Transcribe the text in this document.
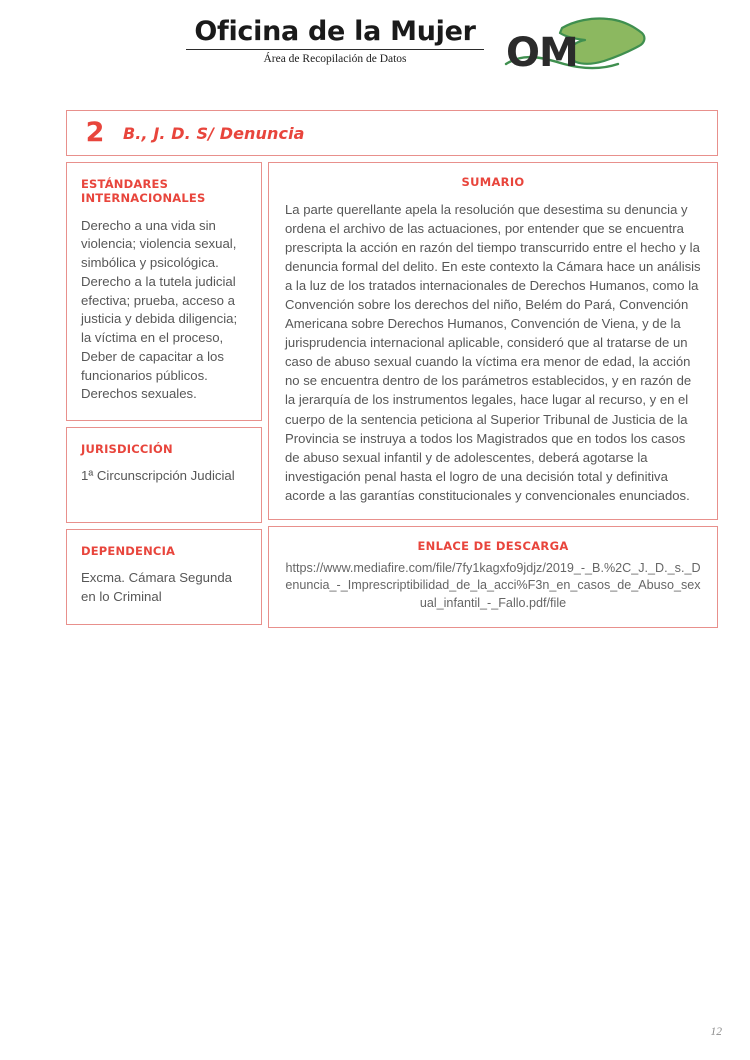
Oficina de la Mujer
Área de Recopilación de Datos	OM
2	B., J. D. S/ Denuncia
ESTÁNDARES INTERNACIONALES
Derecho a una vida sin violencia; violencia sexual, simbólica y psicológica. Derecho a la tutela judicial efectiva; prueba, acceso a justicia y debida diligencia; la víctima en el proceso, Deber de capacitar a los funcionarios públicos. Derechos sexuales.
JURISDICCIÓN
1ª Circunscripción Judicial
DEPENDENCIA
Excma. Cámara Segunda en lo Criminal
SUMARIO
La parte querellante apela la resolución que desestima su denuncia y ordena el archivo de las actuaciones, por entender que se encuentra prescripta la acción en razón del tiempo transcurrido entre el hecho y la denuncia formal del delito. En este contexto la Cámara hace un análisis a la luz de los tratados internacionales de Derechos Humanos, como la Convención sobre los derechos del niño, Belém do Pará, Convención Americana sobre Derechos Humanos, Convención de Viena, y de la jurisprudencia internacional aplicable, consideró que al tratarse de un caso de abuso sexual cuando la víctima era menor de edad, la acción no se encuentra dentro de los parámetros establecidos, y en razón de la jerarquía de los instrumentos legales, hace lugar al recurso, y en el cuerpo de la sentencia peticiona al Superior Tribunal de Justicia de la Provincia se instruya a todos los Magistrados que en todos los casos de abuso sexual infantil y de adolescentes, deberá agotarse la investigación penal hasta el logro de una decisión total y definitiva acorde a las garantías constitucionales y convencionales enunciados.
ENLACE DE DESCARGA
https://www.mediafire.com/file/7fy1kagxfo9jdjz/2019_-_B.%2C_J._D._s._Denuncia_-_Imprescriptibilidad_de_la_acci%F3n_en_casos_de_Abuso_sexual_infantil_-_Fallo.pdf/file
12
